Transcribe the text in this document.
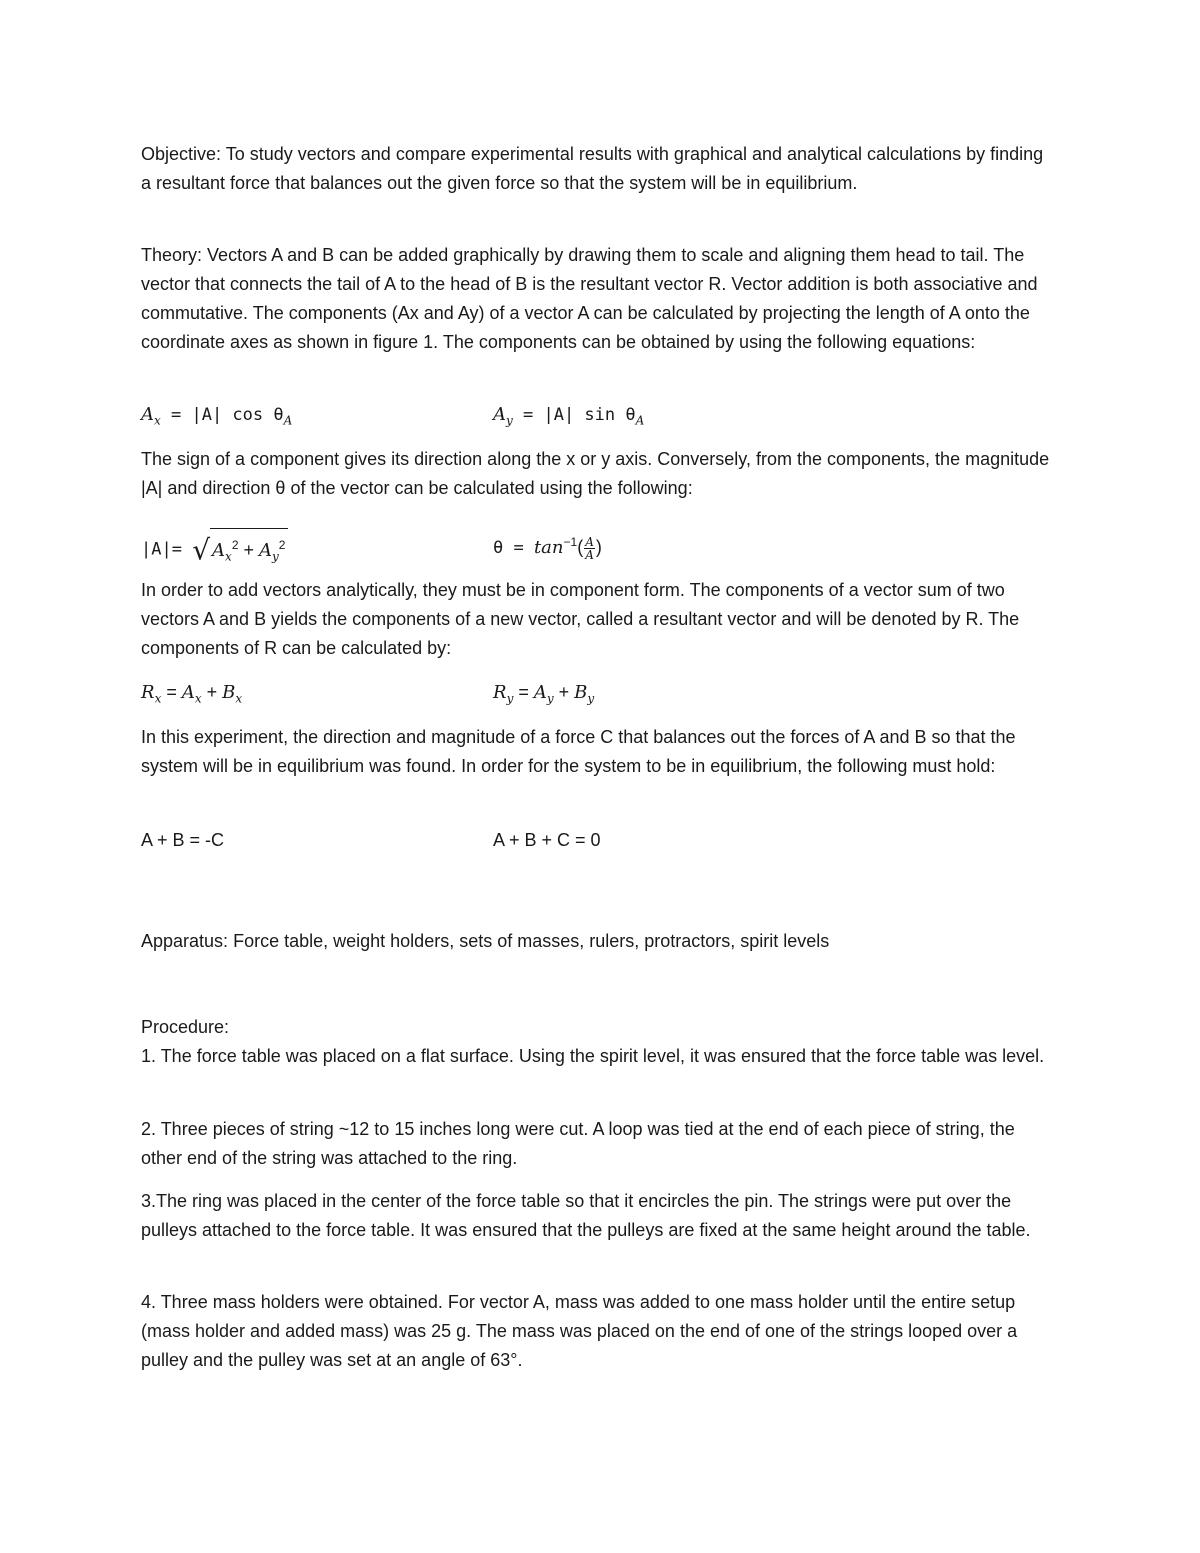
Objective: To study vectors and compare experimental results with graphical and analytical calculations by finding a resultant force that balances out the given force so that the system will be in equilibrium.

Theory: Vectors A and B can be added graphically by drawing them to scale and aligning them head to tail. The vector that connects the tail of A to the head of B is the resultant vector R. Vector addition is both associative and commutative. The components (Ax and Ay) of a vector A can be calculated by projecting the length of A onto the coordinate axes as shown in figure 1. The components can be obtained by using the following equations:

$A_x = |A|$ $\cos \theta_A$	$A_y = |A|$ $\sin \theta_A$

The sign of a component gives its direction along the x or y axis. Conversely, from the components, the magnitude |A| and direction θ of the vector can be calculated using the following:

|A|= √ $A_x^2 + A_y^2$	$\theta = \tan^{-1}( \frac{A}{A}$ )

In order to add vectors analytically, they must be in component form. The components of a vector sum of two vectors A and B yields the components of a new vector, called a resultant vector and will be denoted by R. The components of R can be calculated by:

$R_x = A_x + B_x$	$R_y = A_y + B_y$

In this experiment, the direction and magnitude of a force C that balances out the forces of A and B so that the system will be in equilibrium was found. In order for the system to be in equilibrium, the following must hold:

A + B = -C	A + B + C = 0

Apparatus: Force table, weight holders, sets of masses, rulers, protractors, spirit levels

Procedure:

1. The force table was placed on a flat surface. Using the spirit level, it was ensured that the force table was level.

2. Three pieces of string ~12 to 15 inches long were cut. A loop was tied at the end of each piece of string, the other end of the string was attached to the ring.

3.The ring was placed in the center of the force table so that it encircles the pin. The strings were put over the pulleys attached to the force table. It was ensured that the pulleys are fixed at the same height around the table.

4. Three mass holders were obtained. For vector A, mass was added to one mass holder until the entire setup (mass holder and added mass) was 25 g. The mass was placed on the end of one of the strings looped over a pulley and the pulley was set at an angle of 63°.
